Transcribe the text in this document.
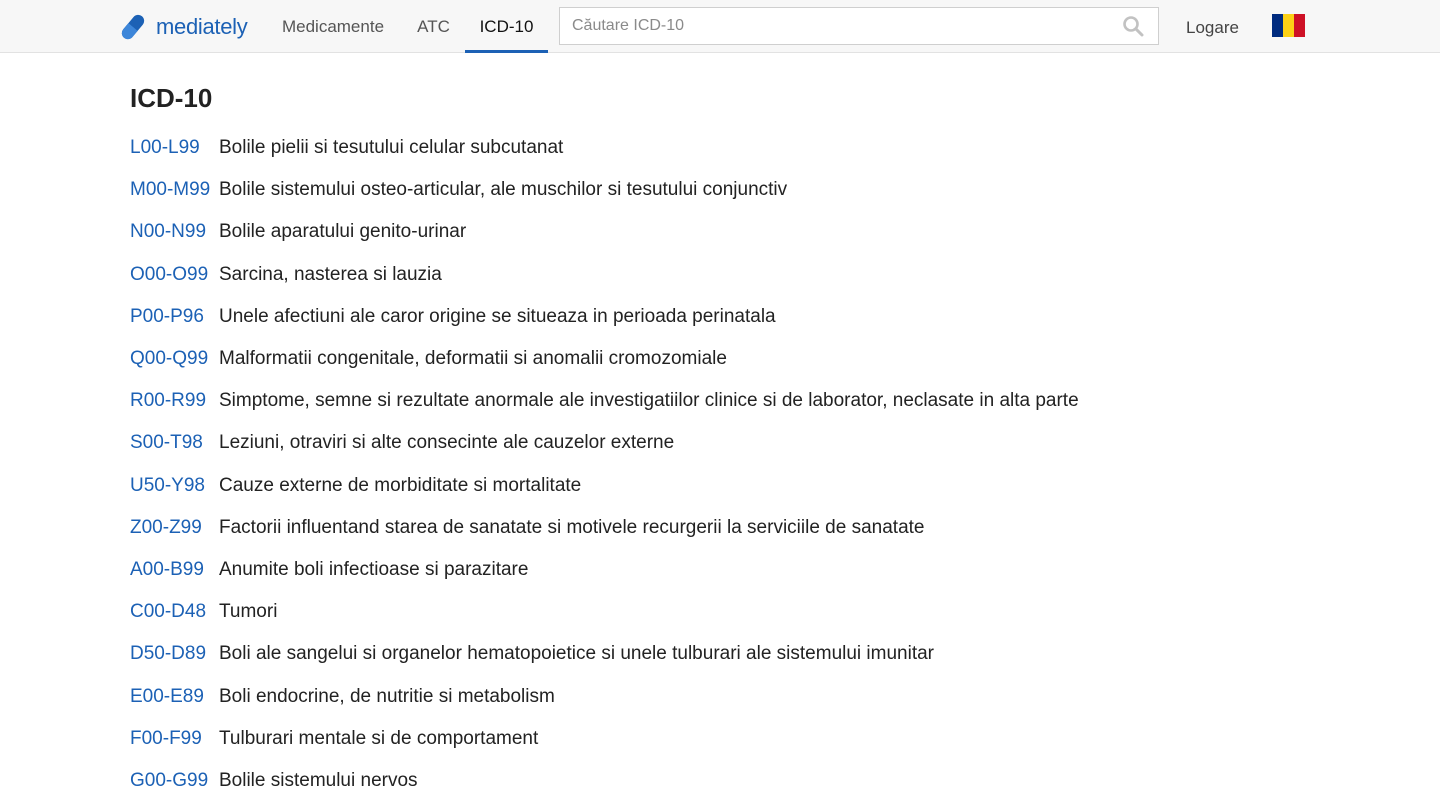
mediately	Medicamente	ATC	ICD-10
Căutare ICD-10	Logare
ICD-10
L00-L99	Bolile pielii si tesutului celular subcutanat
M00-M99 Bolile sistemului osteo-articular, ale muschilor si tesutului conjunctiv
N00-N99 Bolile aparatului genito-urinar
O00-O99 Sarcina, nasterea si lauzia
P00-P96 Unele afectiuni ale caror origine se situeaza in perioada perinatala
Q00-Q99 Malformatii congenitale, deformatii si anomalii cromozomiale
R00-R99 Simptome, semne si rezultate anormale ale investigatiilor clinice si de laborator, neclasate in alta parte
S00-T98 Leziuni, otraviri si alte consecinte ale cauzelor externe
U50-Y98 Cauze externe de morbiditate si mortalitate
Z00-Z99 Factorii influentand starea de sanatate si motivele recurgerii la serviciile de sanatate
A00-B99 Anumite boli infectioase si parazitare
C00-D48 Tumori
D50-D89 Boli ale sangelui si organelor hematopoietice si unele tulburari ale sistemului imunitar
E00-E89 Boli endocrine, de nutritie si metabolism
F00-F99 Tulburari mentale si de comportament
G00-G99 Bolile sistemului nervos
